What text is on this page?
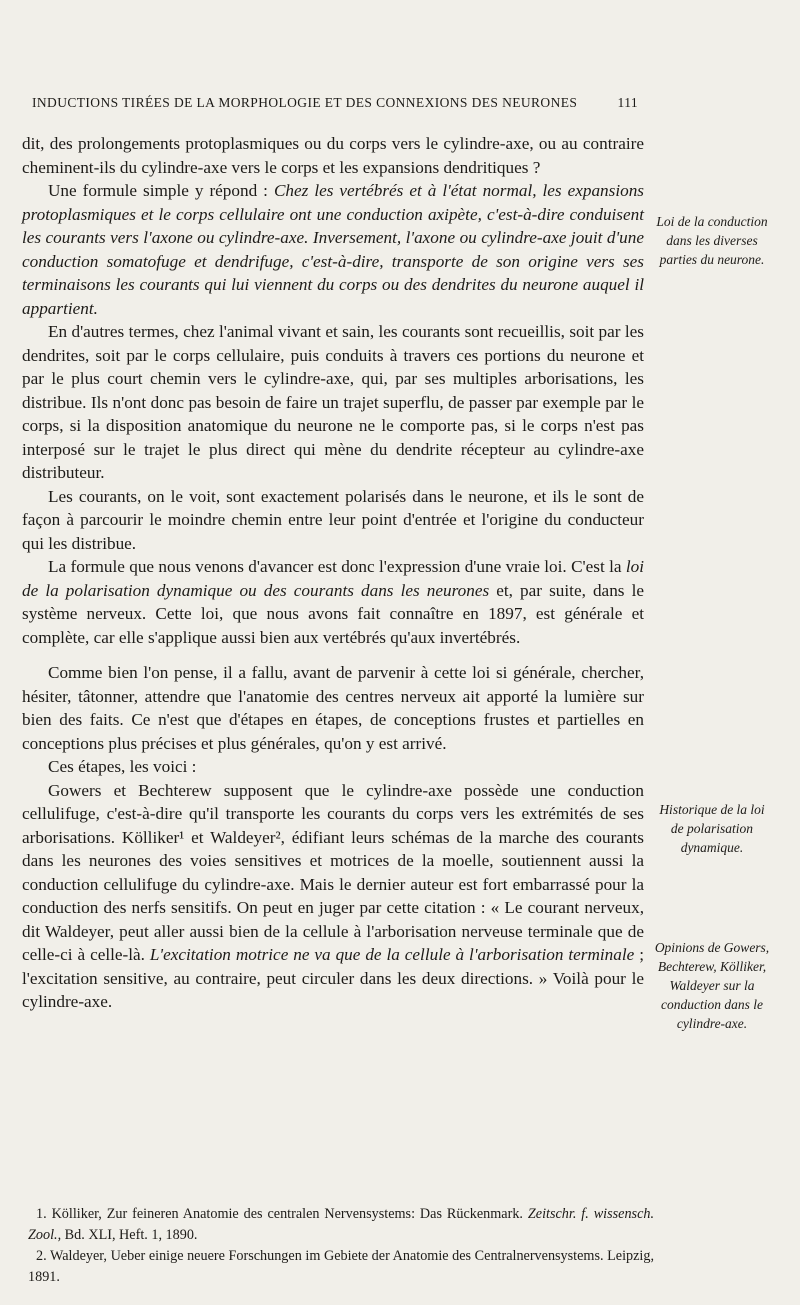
INDUCTIONS TIRÉES DE LA MORPHOLOGIE ET DES CONNEXIONS DES NEURONES	111

dit, des prolongements protoplasmiques ou du corps vers le cylindre-axe, ou au contraire cheminent-ils du cylindre-axe vers le corps et les expansions dendritiques ?

Une formule simple y répond : Chez les vertébrés et à l'état normal, les expansions protoplasmiques et le corps cellulaire ont une conduction axipète, c'est-à-dire conduisent les courants vers l'axone ou cylindre-axe. Inversement, l'axone ou cylindre-axe jouit d'une conduction somatofuge et dendrifuge, c'est-à-dire, transporte de son origine vers ses terminaisons les courants qui lui viennent du corps ou des dendrites du neurone auquel il appartient.

En d'autres termes, chez l'animal vivant et sain, les courants sont recueillis, soit par les dendrites, soit par le corps cellulaire, puis conduits à travers ces portions du neurone et par le plus court chemin vers le cylindre-axe, qui, par ses multiples arborisations, les distribue. Ils n'ont donc pas besoin de faire un trajet superflu, de passer par exemple par le corps, si la disposition anatomique du neurone ne le comporte pas, si le corps n'est pas interposé sur le trajet le plus direct qui mène du dendrite récepteur au cylindre-axe distributeur.

Les courants, on le voit, sont exactement polarisés dans le neurone, et ils le sont de façon à parcourir le moindre chemin entre leur point d'entrée et l'origine du conducteur qui les distribue.

La formule que nous venons d'avancer est donc l'expression d'une vraie loi. C'est la loi de la polarisation dynamique ou des courants dans les neurones et, par suite, dans le système nerveux. Cette loi, que nous avons fait connaître en 1897, est générale et complète, car elle s'applique aussi bien aux vertébrés qu'aux invertébrés.

Comme bien l'on pense, il a fallu, avant de parvenir à cette loi si générale, chercher, hésiter, tâtonner, attendre que l'anatomie des centres nerveux ait apporté la lumière sur bien des faits. Ce n'est que d'étapes en étapes, de conceptions frustes et partielles en conceptions plus précises et plus générales, qu'on y est arrivé.

Ces étapes, les voici :

Gowers et Bechterew supposent que le cylindre-axe possède une conduction cellulifuge, c'est-à-dire qu'il transporte les courants du corps vers les extrémités de ses arborisations. Kölliker¹ et Waldeyer², édifiant leurs schémas de la marche des courants dans les neurones des voies sensitives et motrices de la moelle, soutiennent aussi la conduction cellulifuge du cylindre-axe. Mais le dernier auteur est fort embarrassé pour la conduction des nerfs sensitifs. On peut en juger par cette citation : « Le courant nerveux, dit Waldeyer, peut aller aussi bien de la cellule à l'arborisation nerveuse terminale que de celle-ci à celle-là. L'excitation motrice ne va que de la cellule à l'arborisation terminale ; l'excitation sensitive, au contraire, peut circuler dans les deux directions. » Voilà pour le cylindre-axe.

Loi de la conduction dans les diverses parties du neurone.
Historique de la loi de polarisation dynamique.
Opinions de Gowers, Bechterew, Kölliker, Waldeyer sur la conduction dans le cylindre-axe.

1. Kölliker, Zur feineren Anatomie des centralen Nervensystems: Das Rückenmark. Zeitschr. f. wissensch. Zool., Bd. XLI, Heft. 1, 1890.

2. Waldeyer, Ueber einige neuere Forschungen im Gebiete der Anatomie des Centralnervensystems. Leipzig, 1891.
